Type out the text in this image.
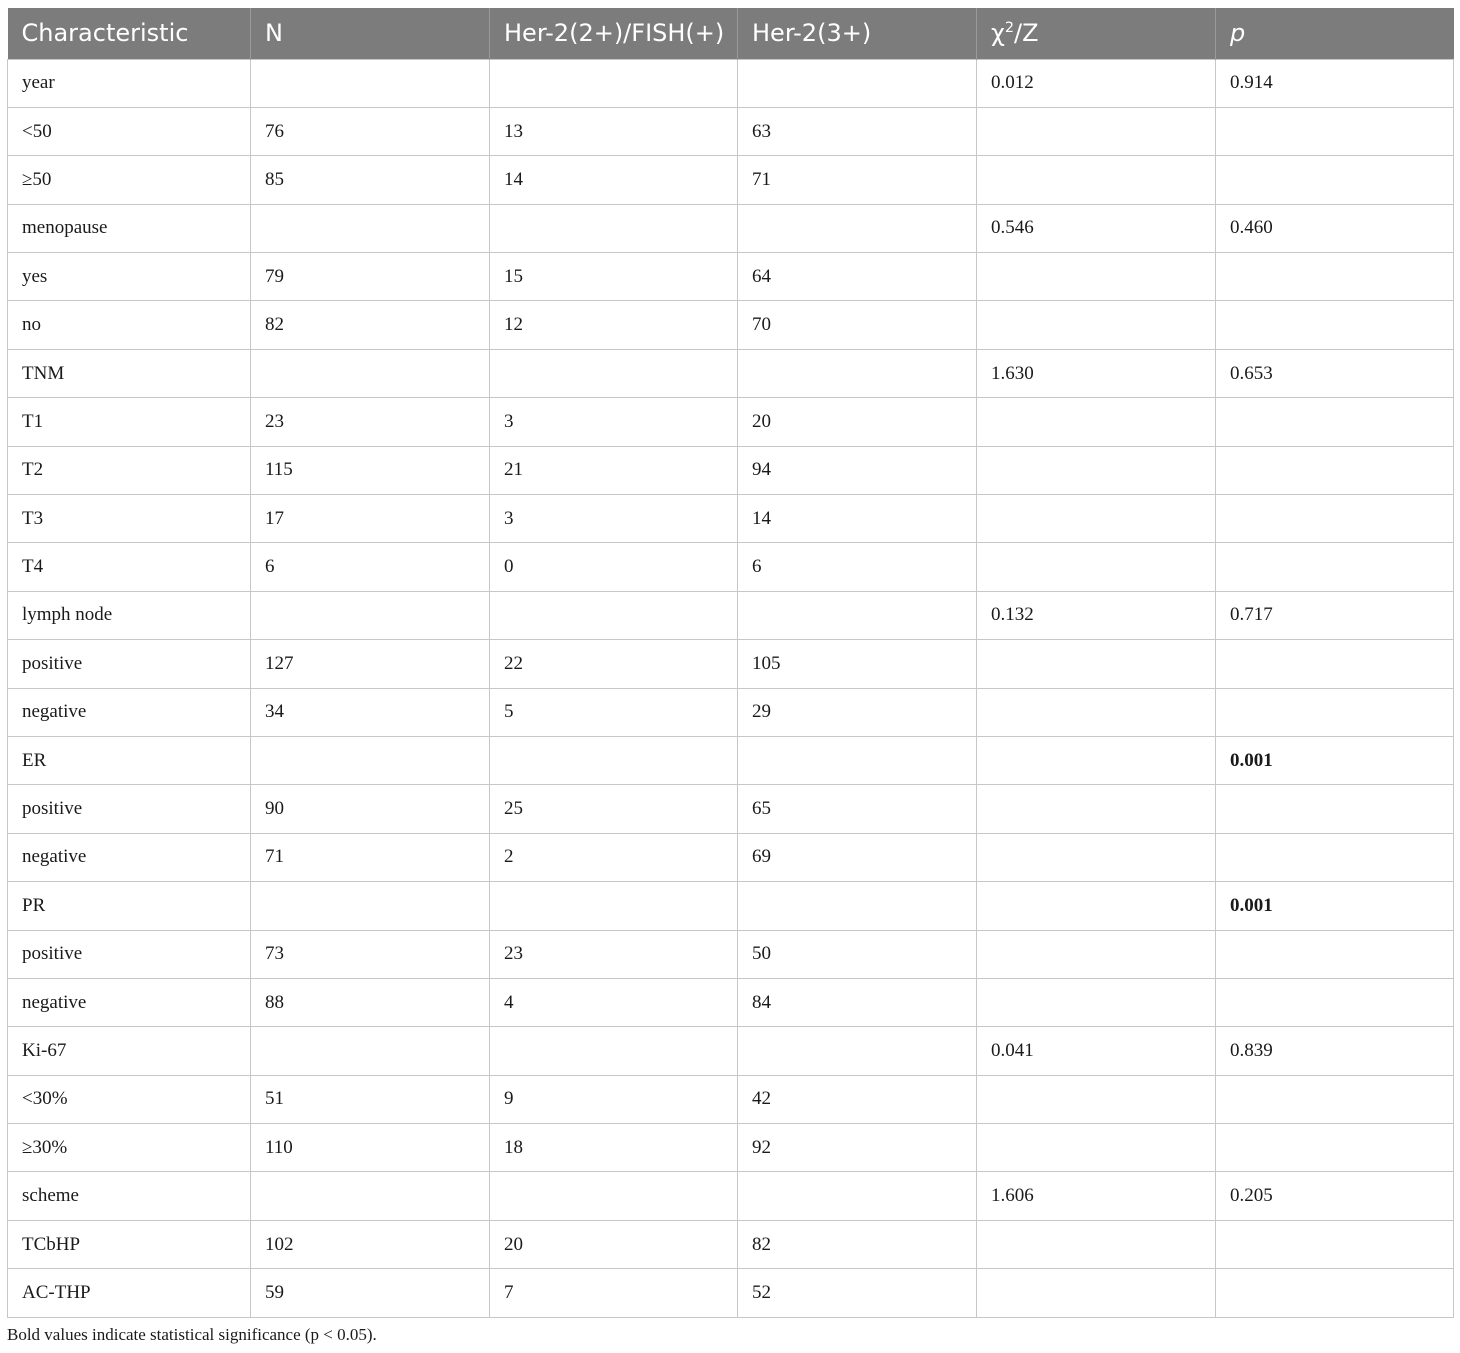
Characteristic	N	Her-2(2+)/FISH(+)	Her-2(3+)	$\chi^2/Z$	p
year				0.012	0.914
<50	76	13	63		
≥50	85	14	71		
menopause				0.546	0.460
yes	79	15	64		
no	82	12	70		
TNM				1.630	0.653
T1	23	3	20		
T2	115	21	94		
T3	17	3	14		
T4	6	0	6		
lymph node				0.132	0.717
positive	127	22	105		
negative	34	5	29		
ER					0.001
positive	90	25	65		
negative	71	2	69		
PR					0.001
positive	73	23	50		
negative	88	4	84		
Ki-67				0.041	0.839
<30%	51	9	42		
≥30%	110	18	92		
scheme				1.606	0.205
TCbHP	102	20	82		
AC-THP	59	7	52		
Bold values indicate statistical significance (p < 0.05).
